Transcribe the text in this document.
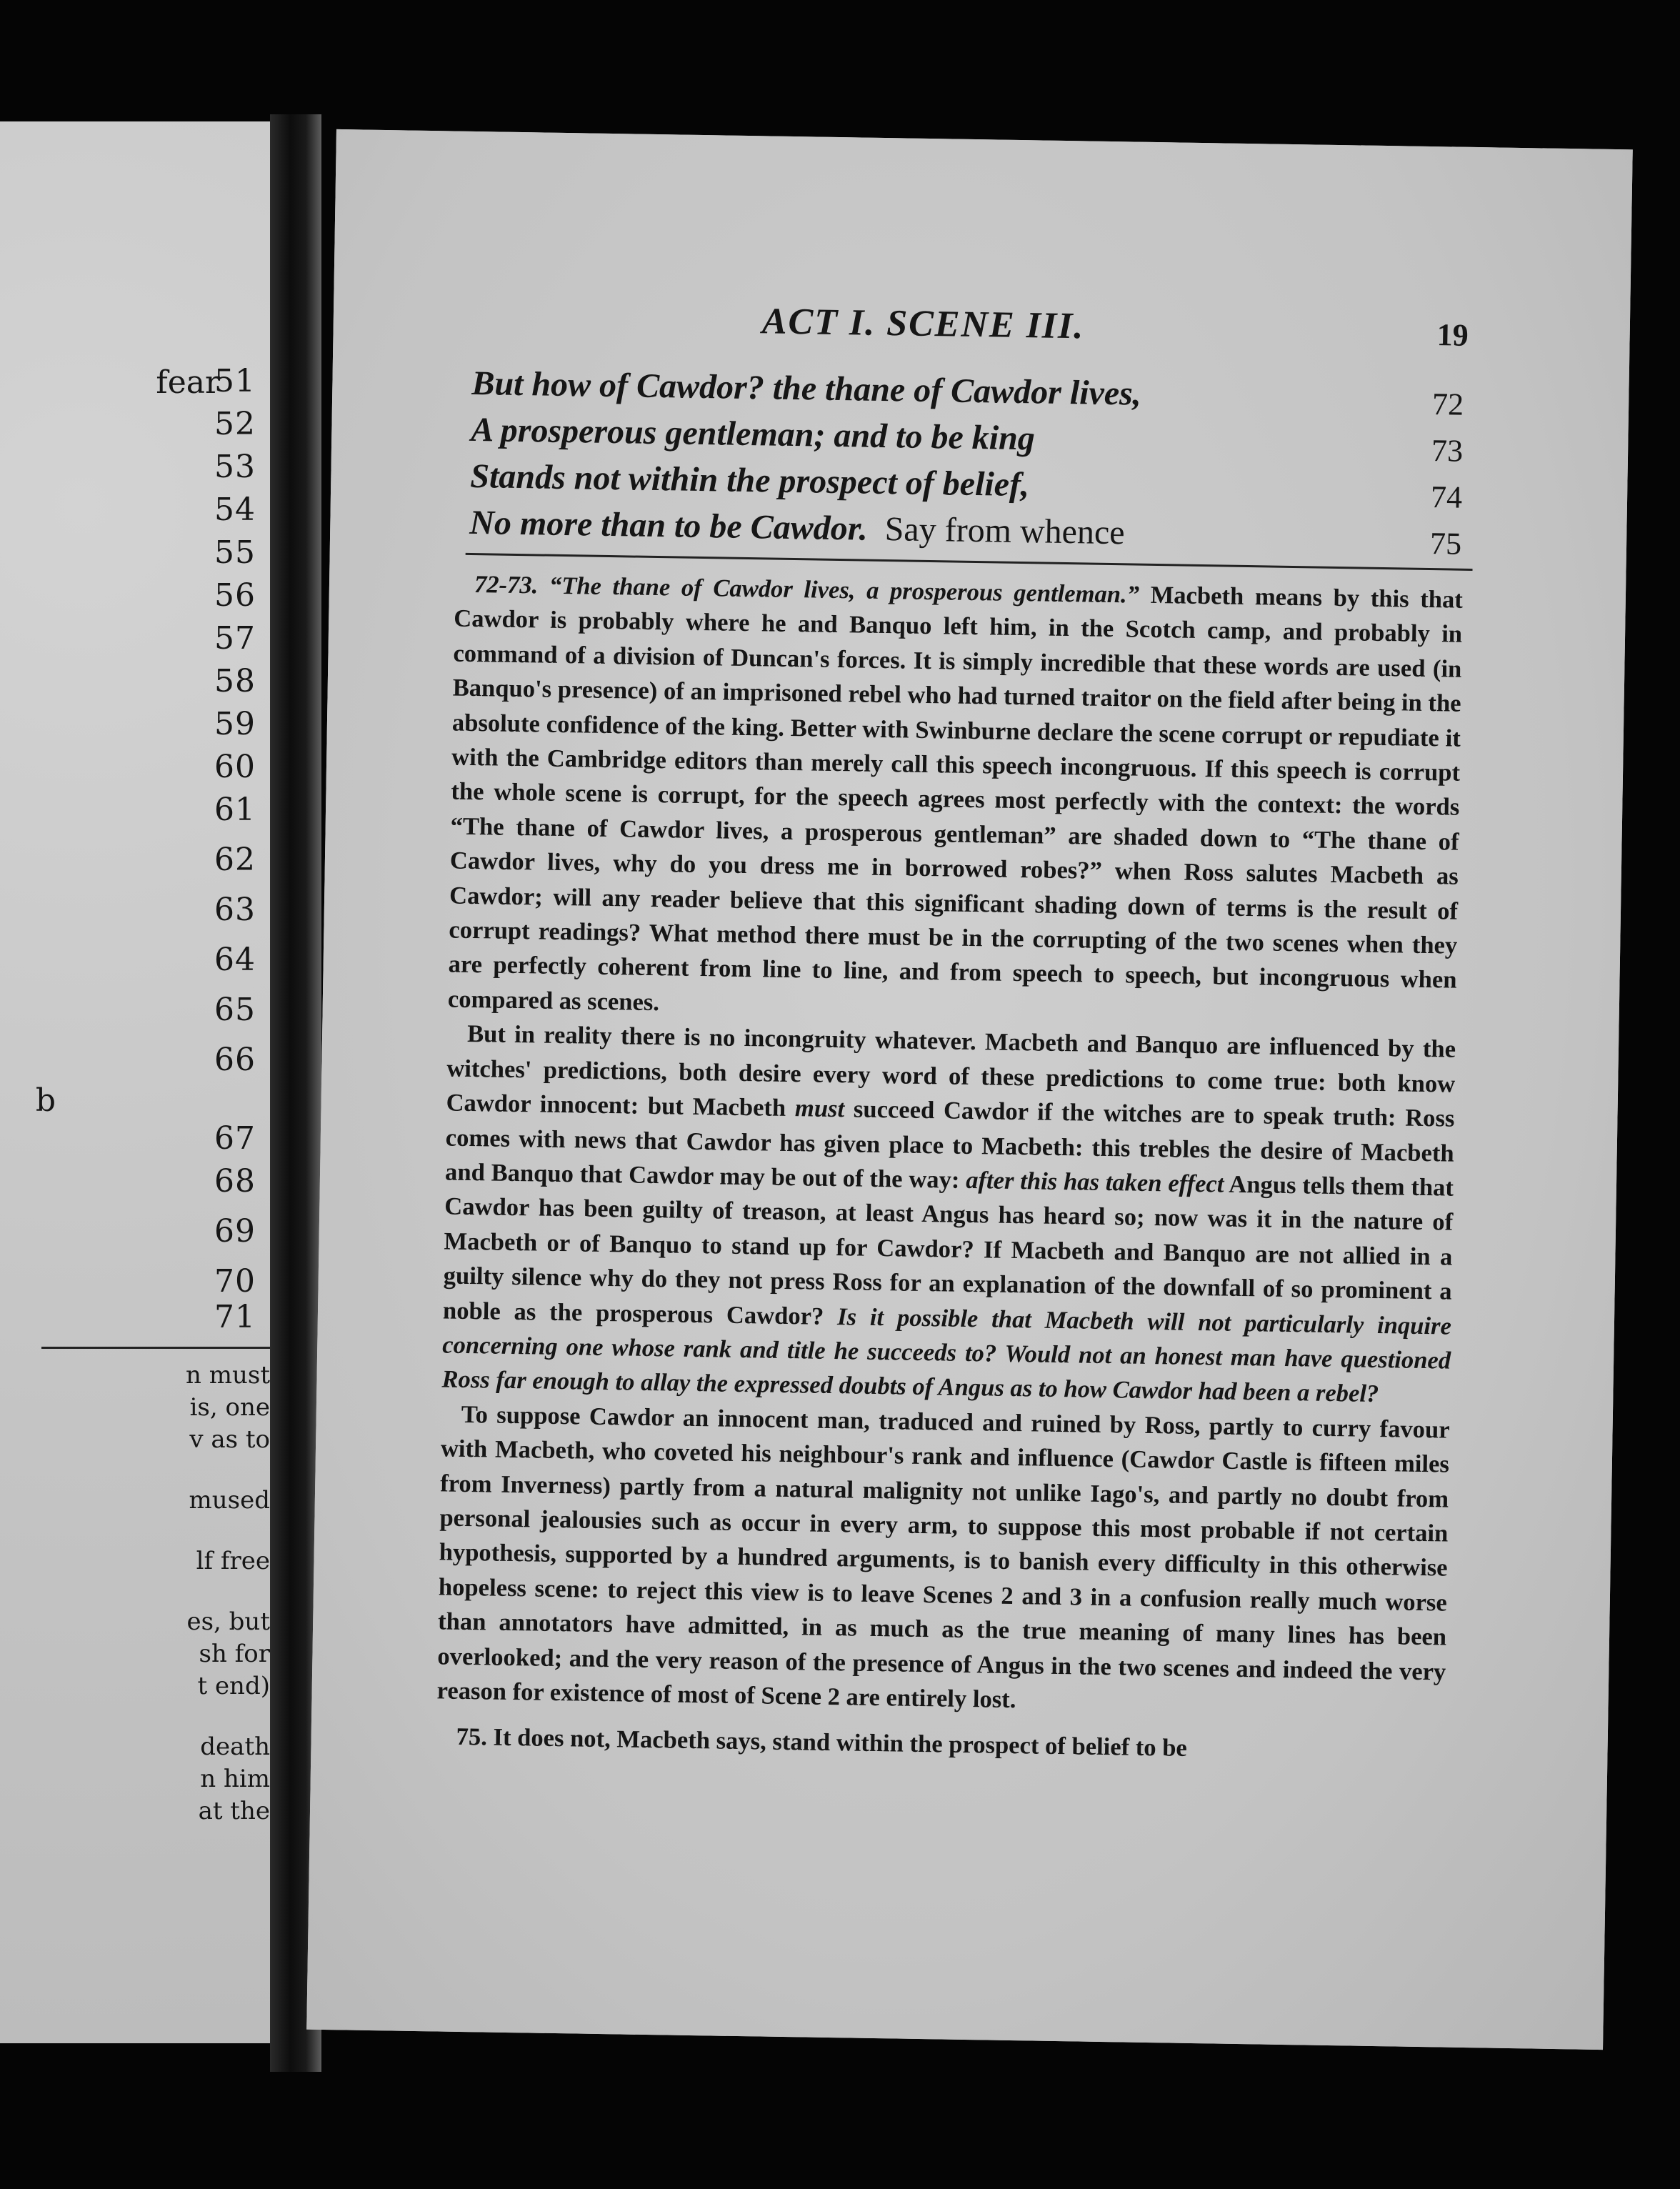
fear
51
52
53
54
55
56
57
58
59
60
61
62
63
64
65
66
b
67
68
69
70
71
n must
is, one
v as to
mused
lf free
es, but
sh for
t end)
death
n him
at the
ACT I. SCENE III.	19
But how of Cawdor? the thane of Cawdor lives,	72
A prosperous gentleman; and to be king	73
Stands not within the prospect of belief,	74
No more than to be Cawdor. Say from whence	75

72-73. “The thane of Cawdor lives, a prosperous gentleman.” Macbeth means by this that Cawdor is probably where he and Banquo left him, in the Scotch camp, and probably in command of a division of Duncan's forces. It is simply incredible that these words are used (in Banquo's presence) of an imprisoned rebel who had turned traitor on the field after being in the absolute confidence of the king. Better with Swinburne declare the scene corrupt or repudiate it with the Cambridge editors than merely call this speech incongruous. If this speech is corrupt the whole scene is corrupt, for the speech agrees most perfectly with the context: the words “The thane of Cawdor lives, a prosperous gentleman” are shaded down to “The thane of Cawdor lives, why do you dress me in borrowed robes?” when Ross salutes Macbeth as Cawdor; will any reader believe that this significant shading down of terms is the result of corrupt readings? What method there must be in the corrupting of the two scenes when they are perfectly coherent from line to line, and from speech to speech, but incongruous when compared as scenes.

But in reality there is no incongruity whatever. Macbeth and Banquo are influenced by the witches' predictions, both desire every word of these predictions to come true: both know Cawdor innocent: but Macbeth must succeed Cawdor if the witches are to speak truth: Ross comes with news that Cawdor has given place to Macbeth: this trebles the desire of Macbeth and Banquo that Cawdor may be out of the way: after this has taken effect Angus tells them that Cawdor has been guilty of treason, at least Angus has heard so; now was it in the nature of Macbeth or of Banquo to stand up for Cawdor? If Macbeth and Banquo are not allied in a guilty silence why do they not press Ross for an explanation of the downfall of so prominent a noble as the prosperous Cawdor? Is it possible that Macbeth will not particularly inquire concerning one whose rank and title he succeeds to? Would not an honest man have questioned Ross far enough to allay the expressed doubts of Angus as to how Cawdor had been a rebel?

To suppose Cawdor an innocent man, traduced and ruined by Ross, partly to curry favour with Macbeth, who coveted his neighbour's rank and influence (Cawdor Castle is fifteen miles from Inverness) partly from a natural malignity not unlike Iago's, and partly no doubt from personal jealousies such as occur in every arm, to suppose this most probable if not certain hypothesis, supported by a hundred arguments, is to banish every difficulty in this otherwise hopeless scene: to reject this view is to leave Scenes 2 and 3 in a confusion really much worse than annotators have admitted, in as much as the true meaning of many lines has been overlooked; and the very reason of the presence of Angus in the two scenes and indeed the very reason for existence of most of Scene 2 are entirely lost.

75. It does not, Macbeth says, stand within the prospect of belief to be
